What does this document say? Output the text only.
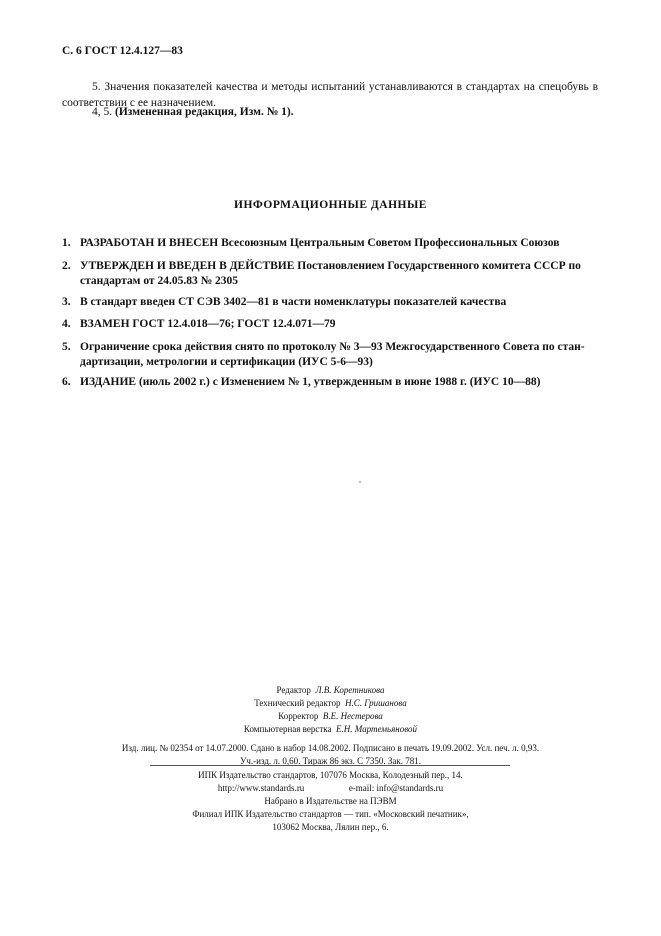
С. 6 ГОСТ 12.4.127—83
5. Значения показателей качества и методы испытаний устанавливаются в стандартах на спецобувь в соответствии с ее назначением.
4, 5. (Измененная редакция, Изм. № 1).
ИНФОРМАЦИОННЫЕ ДАННЫЕ
1. РАЗРАБОТАН И ВНЕСЕН Всесоюзным Центральным Советом Профессиональных Союзов
2. УТВЕРЖДЕН И ВВЕДЕН В ДЕЙСТВИЕ Постановлением Государственного комитета СССР по
стандартам от 24.05.83 № 2305
3. В стандарт введен СТ СЭВ 3402—81 в части номенклатуры показателей качества
4. ВЗАМЕН ГОСТ 12.4.018—76; ГОСТ 12.4.071—79
5. Ограничение срока действия снято по протоколу № 3—93 Межгосударственного Совета по стан-
дартизации, метрологии и сертификации (ИУС 5-6—93)
6. ИЗДАНИЕ (июль 2002 г.) с Изменением № 1, утвержденным в июне 1988 г. (ИУС 10—88)
Редактор Л.В. Коретникова
Технический редактор Н.С. Гришанова
Корректор В.Е. Нестерова
Компьютерная верстка Е.Н. Мартемьяновой
Изд. лиц. № 02354 от 14.07.2000. Сдано в набор 14.08.2002. Подписано в печать 19.09.2002. Усл. печ. л. 0,93.
Уч.-изд. л. 0,60. Тираж 86 экз. С 7350. Зак. 781.
ИПК Издательство стандартов, 107076 Москва, Колодезный пер., 14.
http://www.standards.ru	e-mail: info@standards.ru
Набрано в Издательстве на ПЭВМ
Филиал ИПК Издательство стандартов — тип. «Московский печатник»,
103062 Москва, Лялин пер., 6.
